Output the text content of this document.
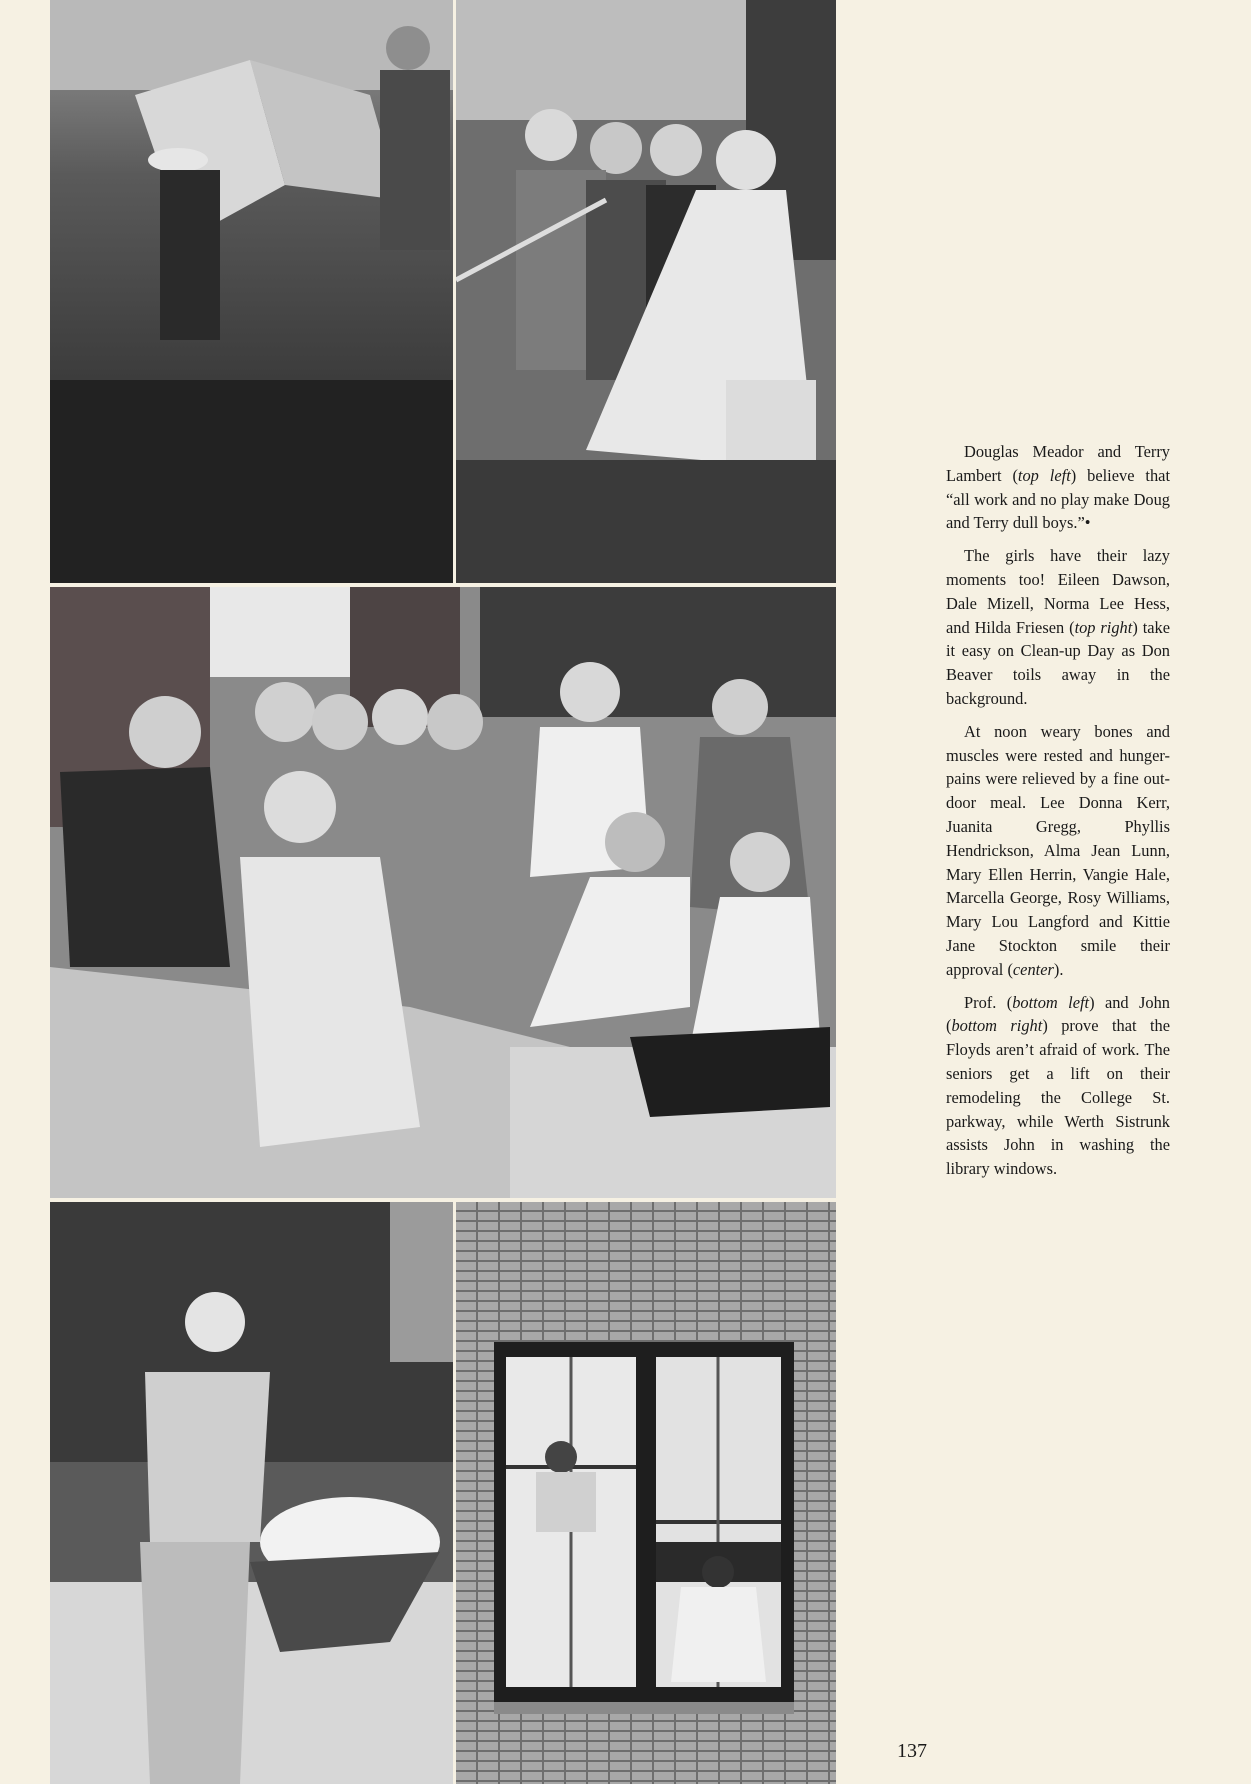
Douglas Meador and Terry Lambert (top left) believe that “all work and no play make Doug and Terry dull boys.”•

The girls have their lazy moments too! Eileen Dawson, Dale Mizell, Norma Lee Hess, and Hilda Friesen (top right) take it easy on Clean-up Day as Don Beaver toils away in the background.

At noon weary bones and muscles were rested and hunger-pains were relieved by a fine out-door meal. Lee Donna Kerr, Juanita Gregg, Phyllis Hendrickson, Alma Jean Lunn, Mary Ellen Herrin, Vangie Hale, Marcella George, Rosy Williams, Mary Lou Langford and Kittie Jane Stockton smile their approval (center).

Prof. (bottom left) and John (bottom right) prove that the Floyds aren’t afraid of work. The seniors get a lift on their remodeling the College St. parkway, while Werth Sistrunk assists John in washing the library windows.

137
